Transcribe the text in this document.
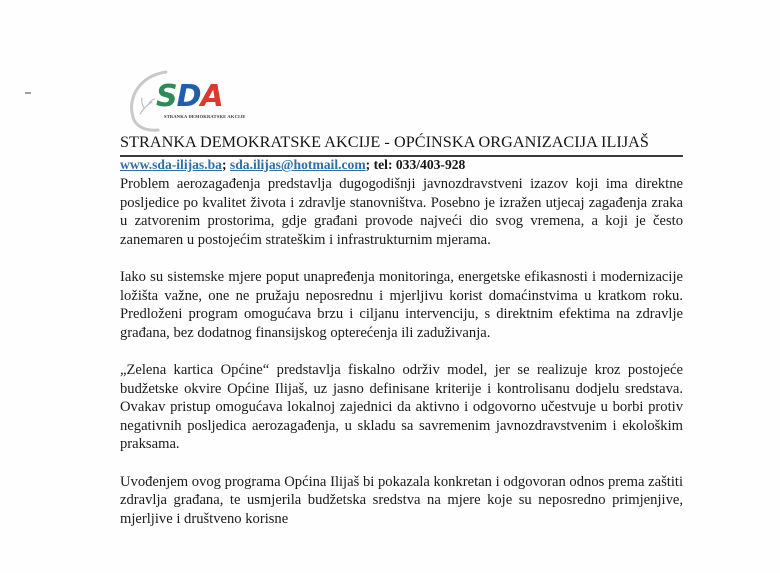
SDA
STRANKA DEMOKRATSKE AKCIJE
STRANKA DEMOKRATSKE AKCIJE - OPĆINSKA ORGANIZACIJA ILIJAŠ
www.sda-ilijas.ba; sda.ilijas@hotmail.com; tel: 033/403-928

Problem aerozagađenja predstavlja dugogodišnji javnozdravstveni izazov koji ima direktne posljedice po kvalitet života i zdravlje stanovništva. Posebno je izražen utjecaj zagađenja zraka u zatvorenim prostorima, gdje građani provode najveći dio svog vremena, a koji je često zanemaren u postojećim strateškim i infrastrukturnim mjerama.

Iako su sistemske mjere poput unapređenja monitoringa, energetske efikasnosti i modernizacije ložišta važne, one ne pružaju neposrednu i mjerljivu korist domaćinstvima u kratkom roku. Predloženi program omogućava brzu i ciljanu intervenciju, s direktnim efektima na zdravlje građana, bez dodatnog finansijskog opterećenja ili zaduživanja.

„Zelena kartica Općine“ predstavlja fiskalno održiv model, jer se realizuje kroz postojeće budžetske okvire Općine Ilijaš, uz jasno definisane kriterije i kontrolisanu dodjelu sredstava. Ovakav pristup omogućava lokalnoj zajednici da aktivno i odgovorno učestvuje u borbi protiv negativnih posljedica aerozagađenja, u skladu sa savremenim javnozdravstvenim i ekološkim praksama.

Uvođenjem ovog programa Općina Ilijaš bi pokazala konkretan i odgovoran odnos prema zaštiti zdravlja građana, te usmjerila budžetska sredstva na mjere koje su neposredno primjenjive, mjerljive i društveno korisne
